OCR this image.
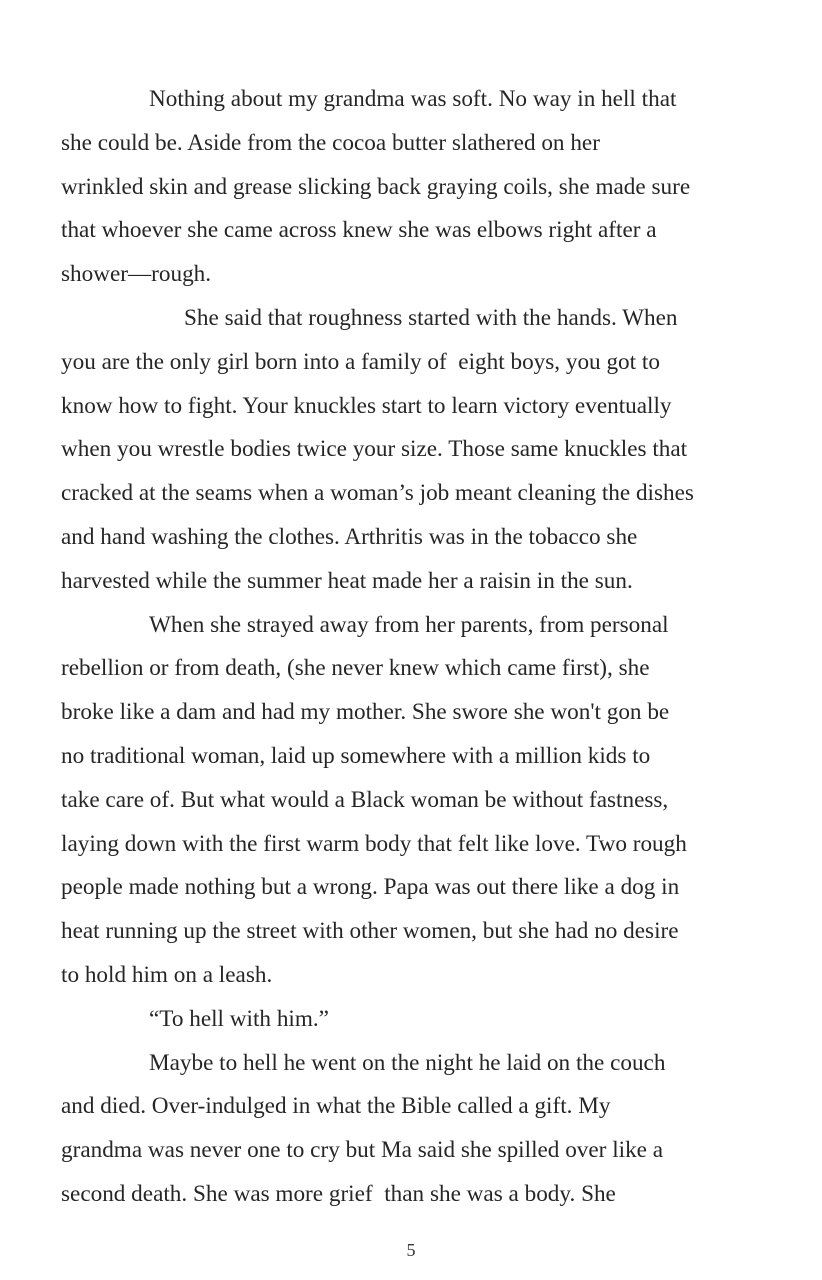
Nothing about my grandma was soft. No way in hell that
she could be. Aside from the cocoa butter slathered on her
wrinkled skin and grease slicking back graying coils, she made sure
that whoever she came across knew she was elbows right after a
shower—rough.
She said that roughness started with the hands. When
you are the only girl born into a family of  eight boys, you got to
know how to fight. Your knuckles start to learn victory eventually
when you wrestle bodies twice your size. Those same knuckles that
cracked at the seams when a woman’s job meant cleaning the dishes
and hand washing the clothes. Arthritis was in the tobacco she
harvested while the summer heat made her a raisin in the sun.
When she strayed away from her parents, from personal
rebellion or from death, (she never knew which came first), she
broke like a dam and had my mother. She swore she won't gon be
no traditional woman, laid up somewhere with a million kids to
take care of. But what would a Black woman be without fastness,
laying down with the first warm body that felt like love. Two rough
people made nothing but a wrong. Papa was out there like a dog in
heat running up the street with other women, but she had no desire
to hold him on a leash.
“To hell with him.”
Maybe to hell he went on the night he laid on the couch
and died. Over-indulged in what the Bible called a gift. My
grandma was never one to cry but Ma said she spilled over like a
second death. She was more grief  than she was a body. She
5
